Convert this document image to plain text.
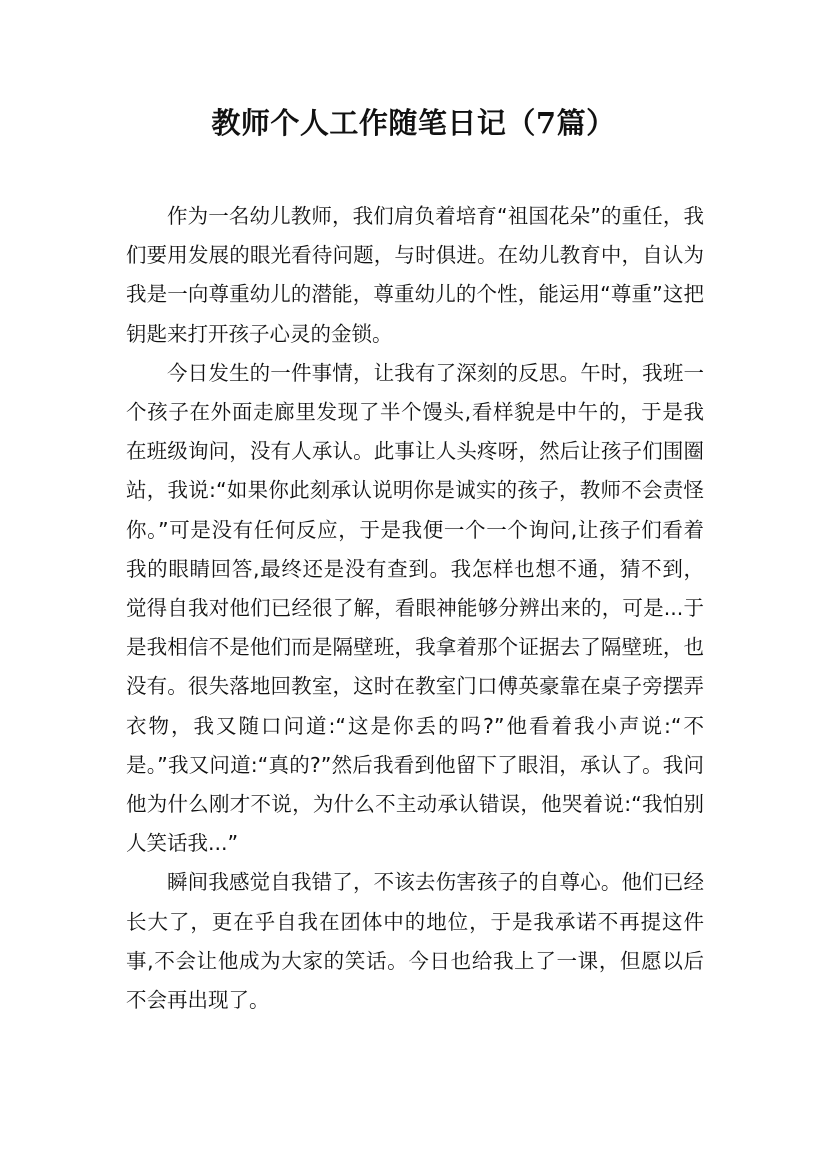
教师个人工作随笔日记（7篇）

作为一名幼儿教师，我们肩负着培育“祖国花朵”的重任，我们要用发展的眼光看待问题，与时俱进。在幼儿教育中，自认为我是一向尊重幼儿的潜能，尊重幼儿的个性，能运用“尊重”这把钥匙来打开孩子心灵的金锁。

今日发生的一件事情，让我有了深刻的反思。午时，我班一个孩子在外面走廊里发现了半个馒头,看样貌是中午的，于是我在班级询问，没有人承认。此事让人头疼呀，然后让孩子们围圈站，我说:“如果你此刻承认说明你是诚实的孩子，教师不会责怪你。”可是没有任何反应，于是我便一个一个询问,让孩子们看着我的眼睛回答,最终还是没有查到。我怎样也想不通，猜不到，觉得自我对他们已经很了解，看眼神能够分辨出来的，可是...于是我相信不是他们而是隔壁班，我拿着那个证据去了隔壁班，也没有。很失落地回教室，这时在教室门口傅英豪靠在桌子旁摆弄衣物，我又随口问道:“这是你丢的吗?”他看着我小声说:“不是。”我又问道:“真的?”然后我看到他留下了眼泪，承认了。我问他为什么刚才不说，为什么不主动承认错误，他哭着说:“我怕别人笑话我...”

瞬间我感觉自我错了，不该去伤害孩子的自尊心。他们已经长大了，更在乎自我在团体中的地位，于是我承诺不再提这件事,不会让他成为大家的笑话。今日也给我上了一课，但愿以后不会再出现了。
